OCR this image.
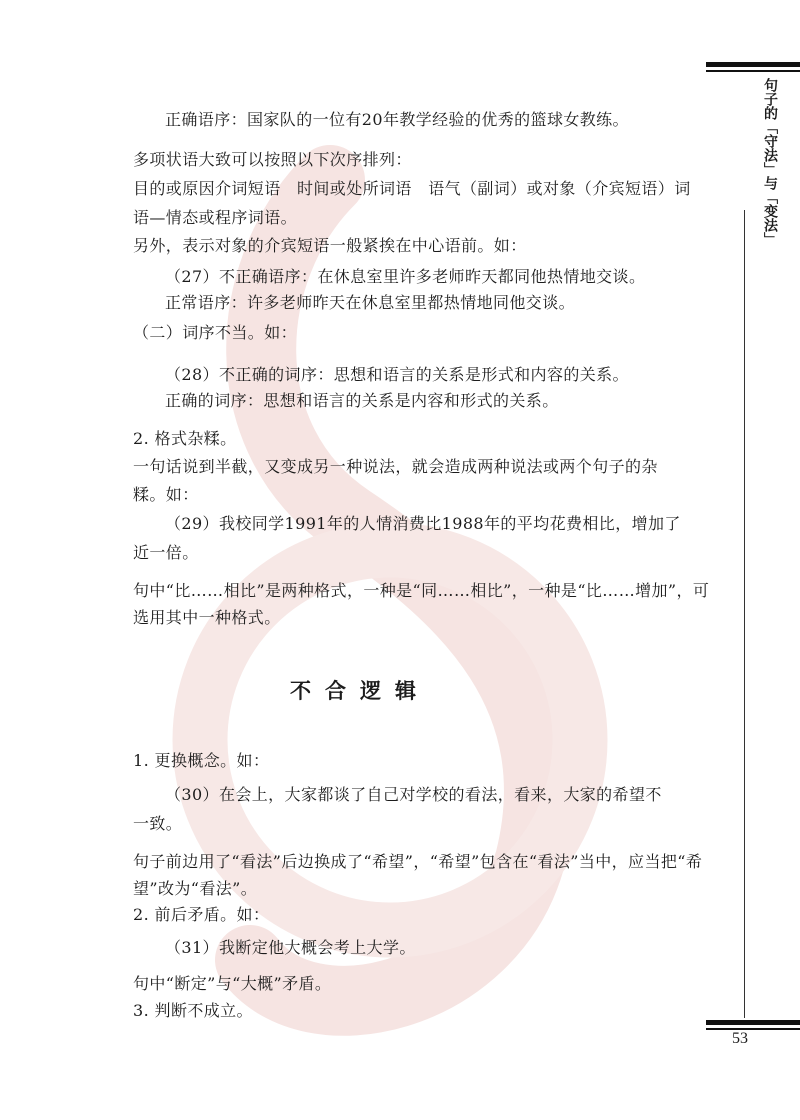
句子的「守法」与「变法」
正确语序：国家队的一位有20年教学经验的优秀的篮球女教练。
多项状语大致可以按照以下次序排列：
目的或原因介词短语　时间或处所词语　语气（副词）或对象（介宾短语）词
语—情态或程序词语。
另外，表示对象的介宾短语一般紧挨在中心语前。如：
（27）不正确语序：在休息室里许多老师昨天都同他热情地交谈。
正常语序：许多老师昨天在休息室里都热情地同他交谈。
（二）词序不当。如：
（28）不正确的词序：思想和语言的关系是形式和内容的关系。
正确的词序：思想和语言的关系是内容和形式的关系。
2. 格式杂糅。
一句话说到半截，又变成另一种说法，就会造成两种说法或两个句子的杂
糅。如：
（29）我校同学1991年的人情消费比1988年的平均花费相比，增加了
近一倍。
句中“比……相比”是两种格式，一种是“同……相比”，一种是“比……增加”，可
选用其中一种格式。
不合逻辑
1. 更换概念。如：
（30）在会上，大家都谈了自己对学校的看法，看来，大家的希望不
一致。
句子前边用了“看法”后边换成了“希望”，“希望”包含在“看法”当中，应当把“希
望”改为“看法”。
2. 前后矛盾。如：
（31）我断定他大概会考上大学。
句中“断定”与“大概”矛盾。
3. 判断不成立。
53
